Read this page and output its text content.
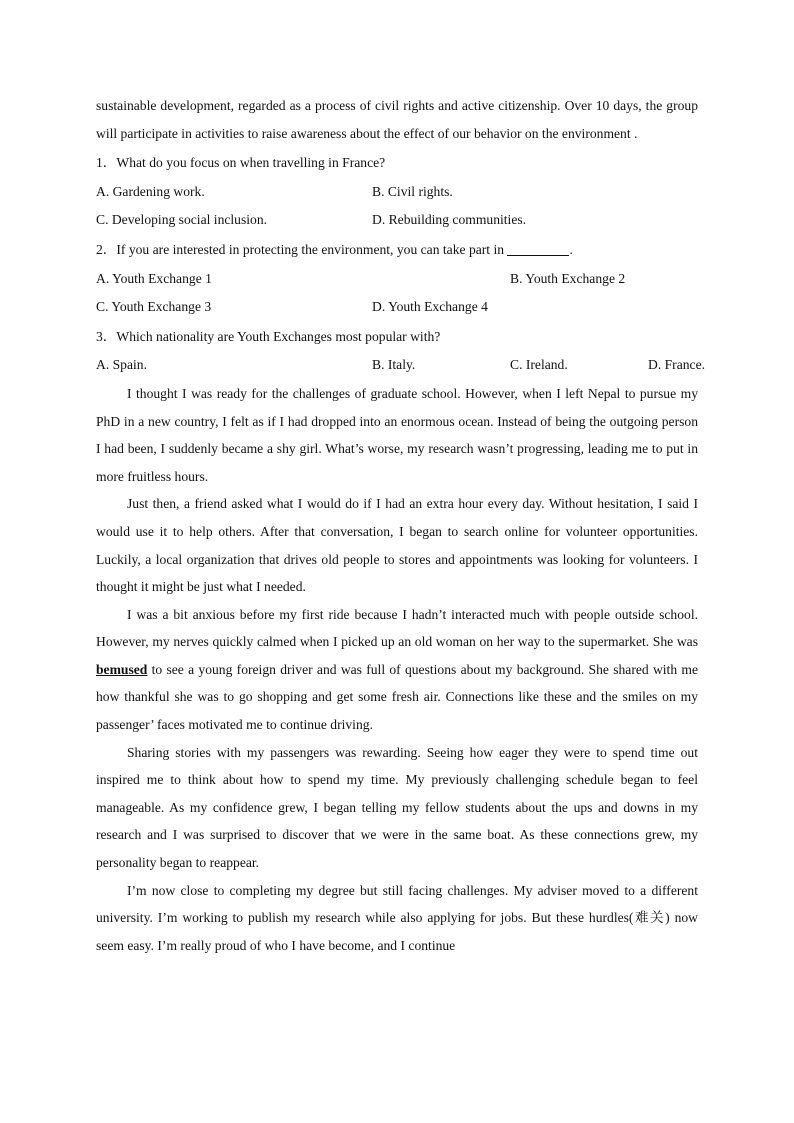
sustainable development, regarded as a process of civil rights and active citizenship. Over 10 days, the group will participate in activities to raise awareness about the effect of our behavior on the environment .

1．What do you focus on when travelling in France?

A. Gardening work.	B. Civil rights.
C. Developing social inclusion.	D. Rebuilding communities.

2．If you are interested in protecting the environment, you can take part in	.

A. Youth Exchange 1	B. Youth Exchange 2
C. Youth Exchange 3	D. Youth Exchange 4

3．Which nationality are Youth Exchanges most popular with?

A. Spain.	B. Italy.	C. Ireland.	D. France.

I thought I was ready for the challenges of graduate school. However, when I left Nepal to pursue my PhD in a new country, I felt as if I had dropped into an enormous ocean. Instead of being the outgoing person I had been, I suddenly became a shy girl. What’s worse, my research wasn’t progressing, leading me to put in more fruitless hours.

Just then, a friend asked what I would do if I had an extra hour every day. Without hesitation, I said I would use it to help others. After that conversation, I began to search online for volunteer opportunities. Luckily, a local organization that drives old people to stores and appointments was looking for volunteers. I thought it might be just what I needed.

I was a bit anxious before my first ride because I hadn’t interacted much with people outside school. However, my nerves quickly calmed when I picked up an old woman on her way to the supermarket. She was bemused to see a young foreign driver and was full of questions about my background. She shared with me how thankful she was to go shopping and get some fresh air. Connections like these and the smiles on my passenger’ faces motivated me to continue driving.

Sharing stories with my passengers was rewarding. Seeing how eager they were to spend time out inspired me to think about how to spend my time. My previously challenging schedule began to feel manageable. As my confidence grew, I began telling my fellow students about the ups and downs in my research and I was surprised to discover that we were in the same boat. As these connections grew, my personality began to reappear.

I’m now close to completing my degree but still facing challenges. My adviser moved to a different university. I’m working to publish my research while also applying for jobs. But these hurdles(难关) now seem easy. I’m really proud of who I have become, and I continue
